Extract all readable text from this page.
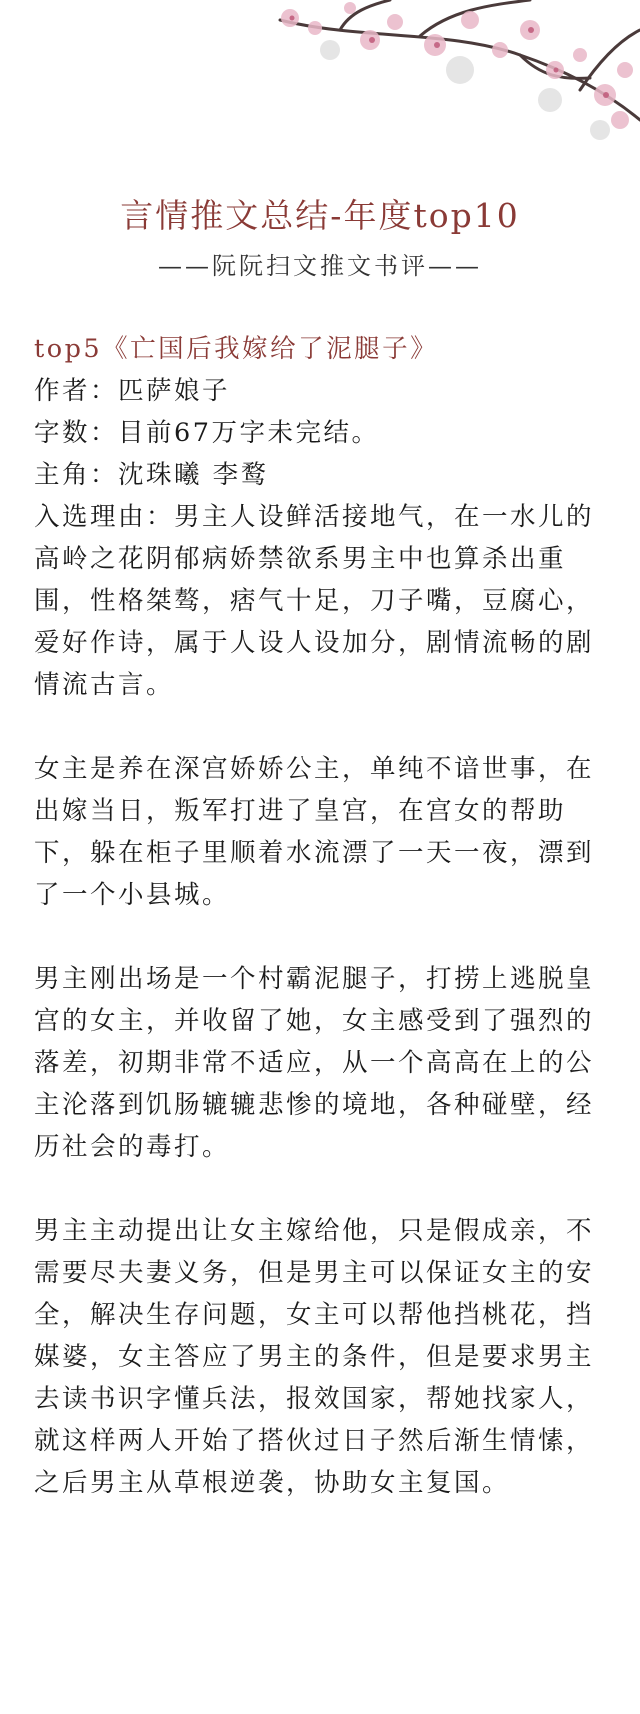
言情推文总结-年度top10
——阮阮扫文推文书评——
top5《亡国后我嫁给了泥腿子》
作者：匹萨娘子
字数：目前67万字未完结。
主角：沈珠曦 李鹜

入选理由：男主人设鲜活接地气，在一水儿的高岭之花阴郁病娇禁欲系男主中也算杀出重围，性格桀骜，痞气十足，刀子嘴，豆腐心，爱好作诗，属于人设人设加分，剧情流畅的剧情流古言。

女主是养在深宫娇娇公主，单纯不谙世事，在出嫁当日，叛军打进了皇宫，在宫女的帮助下，躲在柜子里顺着水流漂了一天一夜，漂到了一个小县城。

男主刚出场是一个村霸泥腿子，打捞上逃脱皇宫的女主，并收留了她，女主感受到了强烈的落差，初期非常不适应，从一个高高在上的公主沦落到饥肠辘辘悲惨的境地，各种碰壁，经历社会的毒打。

男主主动提出让女主嫁给他，只是假成亲，不需要尽夫妻义务，但是男主可以保证女主的安全，解决生存问题，女主可以帮他挡桃花，挡媒婆，女主答应了男主的条件，但是要求男主去读书识字懂兵法，报效国家，帮她找家人，就这样两人开始了搭伙过日子然后渐生情愫，之后男主从草根逆袭，协助女主复国。
